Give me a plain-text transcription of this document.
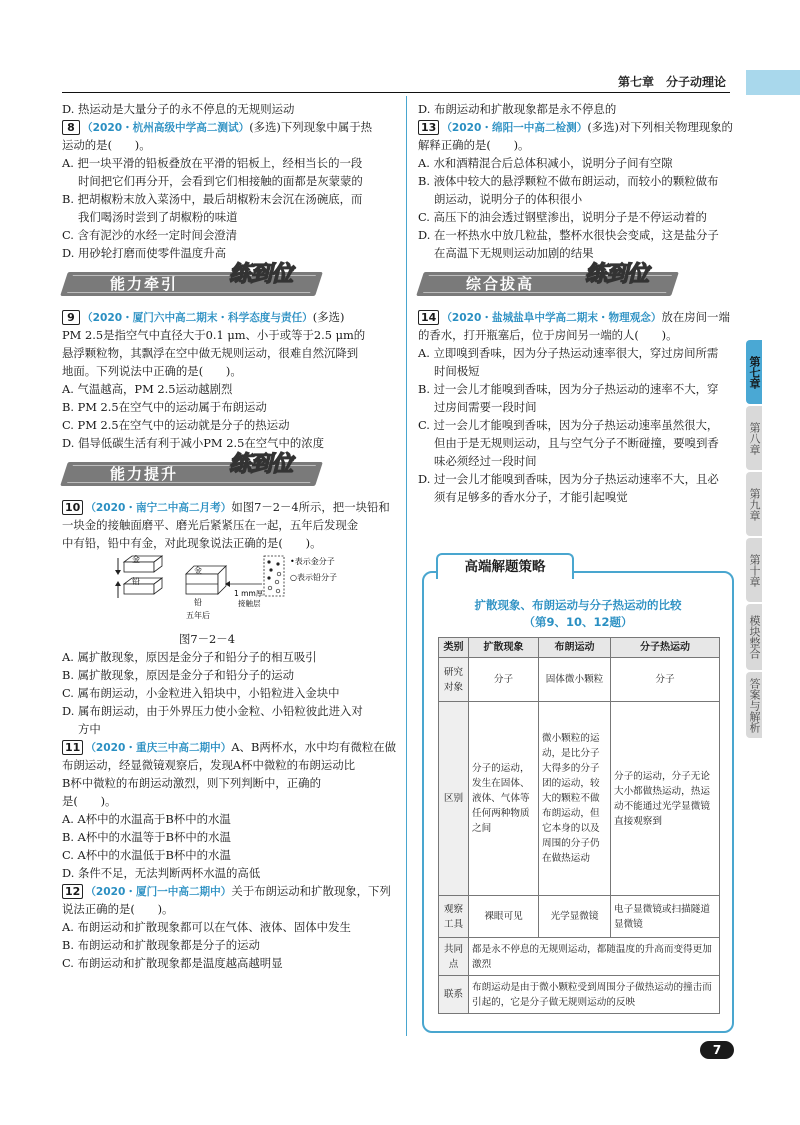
第七章　分子动理论
D. 热运动是大量分子的永不停息的无规则运动
8 （2020・杭州高级中学高二测试）(多选)下列现象中属于热
运动的是(　　)。
A. 把一块平滑的铅板叠放在平滑的铝板上，经相当长的一段
时间把它们再分开，会看到它们相接触的面都是灰蒙蒙的
B. 把胡椒粉末放入菜汤中，最后胡椒粉末会沉在汤碗底，而
我们喝汤时尝到了胡椒粉的味道
C. 含有泥沙的水经一定时间会澄清
D. 用砂轮打磨而使零件温度升高
能力牵引 练到位
9 （2020・厦门六中高二期末・科学态度与责任）(多选)
PM 2.5是指空气中直径大于0.1 μm、小于或等于2.5 μm的
悬浮颗粒物，其飘浮在空中做无规则运动，很难自然沉降到
地面。下列说法中正确的是(　　)。
A. 气温越高，PM 2.5运动越剧烈
B. PM 2.5在空气中的运动属于布朗运动
C. PM 2.5在空气中的运动就是分子的热运动
D. 倡导低碳生活有利于减小PM 2.5在空气中的浓度
能力提升 练到位
10 （2020・南宁二中高二月考）如图7－2－4所示，把一块铅和
一块金的接触面磨平、磨光后紧紧压在一起，五年后发现金
中有铅，铅中有金，对此现象说法正确的是(　　)。
金
铅
金
铅
五年后
1 mm厚
接触层
•表示金分子
○表示铅分子
图7－2－4
A. 属扩散现象，原因是金分子和铅分子的相互吸引
B. 属扩散现象，原因是金分子和铅分子的运动
C. 属布朗运动，小金粒进入铅块中，小铅粒进入金块中
D. 属布朗运动，由于外界压力使小金粒、小铅粒彼此进入对
方中
11 （2020・重庆三中高二期中）A、B两杯水，水中均有微粒在做
布朗运动，经显微镜观察后，发现A杯中微粒的布朗运动比
B杯中微粒的布朗运动激烈，则下列判断中，正确的
是(　　)。
A. A杯中的水温高于B杯中的水温
B. A杯中的水温等于B杯中的水温
C. A杯中的水温低于B杯中的水温
D. 条件不足，无法判断两杯水温的高低
12 （2020・厦门一中高二期中）关于布朗运动和扩散现象，下列
说法正确的是(　　)。
A. 布朗运动和扩散现象都可以在气体、液体、固体中发生
B. 布朗运动和扩散现象都是分子的运动
C. 布朗运动和扩散现象都是温度越高越明显
D. 布朗运动和扩散现象都是永不停息的
13 （2020・绵阳一中高二检测）(多选)对下列相关物理现象的
解释正确的是(　　)。
A. 水和酒精混合后总体积减小，说明分子间有空隙
B. 液体中较大的悬浮颗粒不做布朗运动，而较小的颗粒做布
朗运动，说明分子的体积很小
C. 高压下的油会透过钢壁渗出，说明分子是不停运动着的
D. 在一杯热水中放几粒盐，整杯水很快会变咸，这是盐分子
在高温下无规则运动加剧的结果
综合拔高 练到位
14 （2020・盐城盐阜中学高二期末・物理观念）放在房间一端
的香水，打开瓶塞后，位于房间另一端的人(　　)。
A. 立即嗅到香味，因为分子热运动速率很大，穿过房间所需
时间极短
B. 过一会儿才能嗅到香味，因为分子热运动的速率不大，穿
过房间需要一段时间
C. 过一会儿才能嗅到香味，因为分子热运动速率虽然很大，
但由于是无规则运动，且与空气分子不断碰撞，要嗅到香
味必须经过一段时间
D. 过一会儿才能嗅到香味，因为分子热运动速率不大，且必
须有足够多的香水分子，才能引起嗅觉
高端解题策略
扩散现象、布朗运动与分子热运动的比较
（第9、10、12题）
类别	扩散现象	布朗运动	分子热运动
研究对象	分子	固体微小颗粒	分子
区别	分子的运动，发生在固体、液体、气体等任何两种物质之间	微小颗粒的运动，是比分子大得多的分子团的运动，较大的颗粒不做布朗运动，但它本身的以及周围的分子仍在做热运动	分子的运动，分子无论大小都做热运动，热运动不能通过光学显微镜直接观察到
观察工具	裸眼可见	光学显微镜	电子显微镜或扫描隧道显微镜
共同点	都是永不停息的无规则运动，都随温度的升高而变得更加激烈		
联系	布朗运动是由于微小颗粒受到周围分子做热运动的撞击而引起的，它是分子做无规则运动的反映		
第七章
第八章
第九章
第十章
模块整合
答案与解析
7
